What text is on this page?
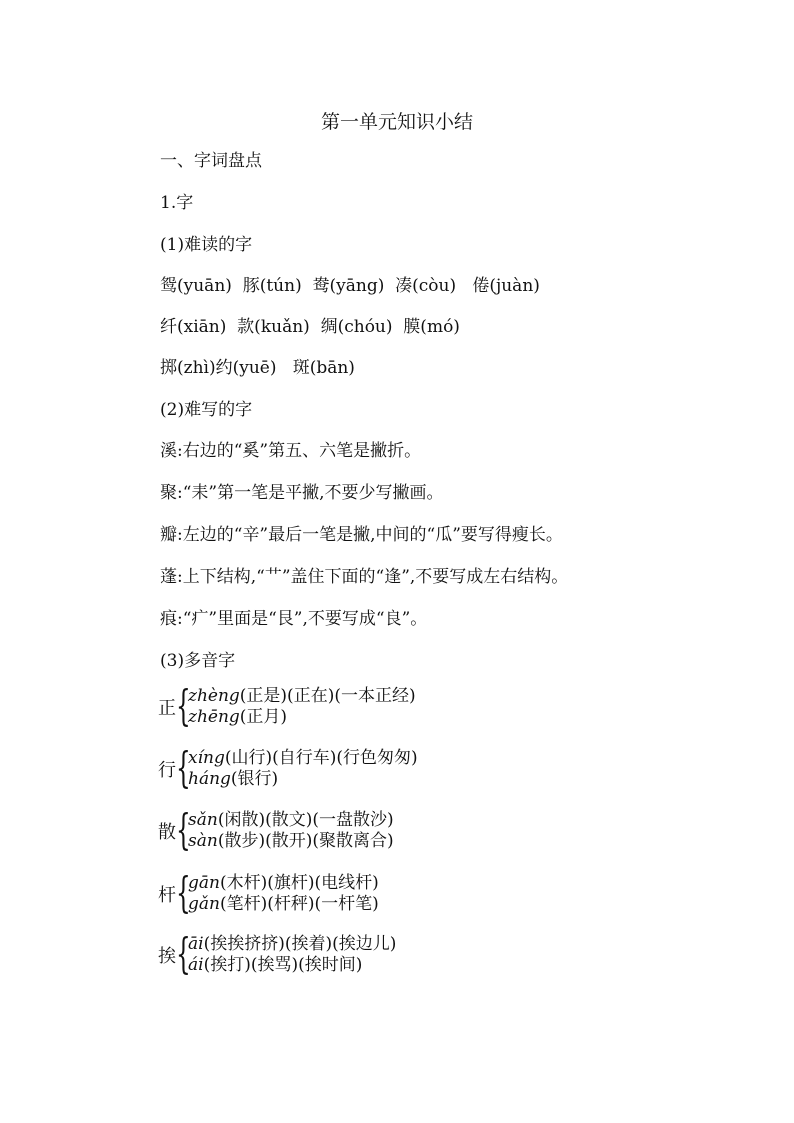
第一单元知识小结
一、字词盘点
1.字
(1)难读的字
鸳(yuān)  豚(tún)  鸯(yāng)  凑(còu)   倦(juàn)
纤(xiān)  款(kuǎn)  绸(chóu)  膜(mó)
掷(zhì)约(yuē)   斑(bān)
(2)难写的字
溪:右边的“奚”第五、六笔是撇折。
聚:“耒”第一笔是平撇,不要少写撇画。
瓣:左边的“辛”最后一笔是撇,中间的“瓜”要写得瘦长。
蓬:上下结构,“艹”盖住下面的“逢”,不要写成左右结构。
痕:“疒”里面是“艮”,不要写成“良”。
(3)多音字
正 {
zhèng(正是)(正在)(一本正经)
zhēng(正月)
行 {
xíng(山行)(自行车)(行色匆匆)
háng(银行)
散 {
sǎn(闲散)(散文)(一盘散沙)
sàn(散步)(散开)(聚散离合)
杆 {
gān(木杆)(旗杆)(电线杆)
gǎn(笔杆)(杆秤)(一杆笔)
挨 {
āi(挨挨挤挤)(挨着)(挨边儿)
ái(挨打)(挨骂)(挨时间)
